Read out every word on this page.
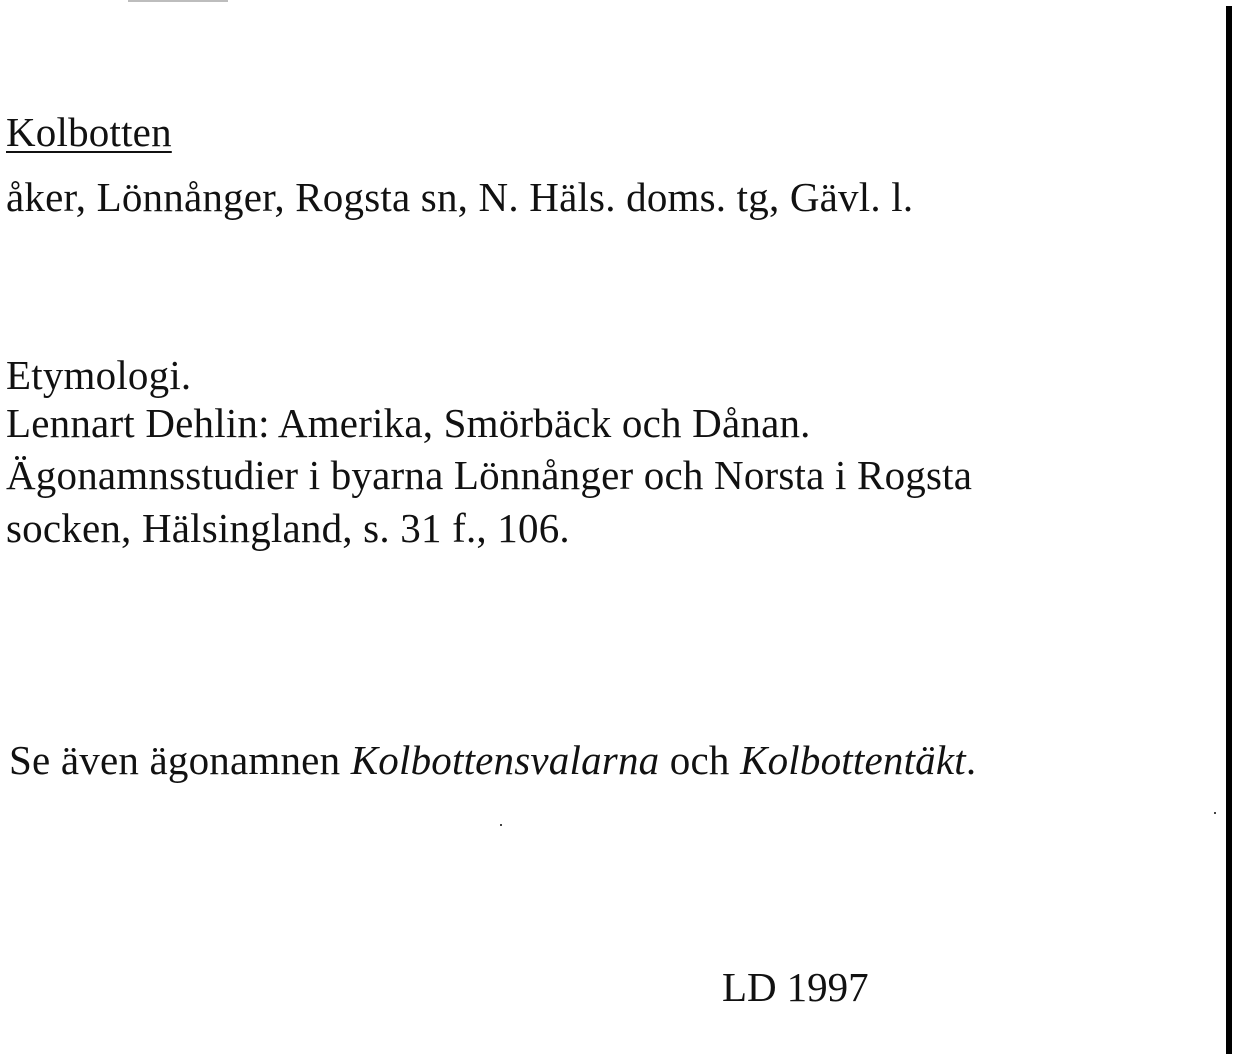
Kolbotten
åker, Lönnånger, Rogsta sn, N. Häls. doms. tg, Gävl. l.
Etymologi.
Lennart Dehlin: Amerika, Smörbäck och Dånan.
Ägonamnsstudier i byarna Lönnånger och Norsta i Rogsta
socken, Hälsingland, s. 31 f., 106.
Se även ägonamnen Kolbottensvalarna och Kolbottentäkt.
LD 1997
